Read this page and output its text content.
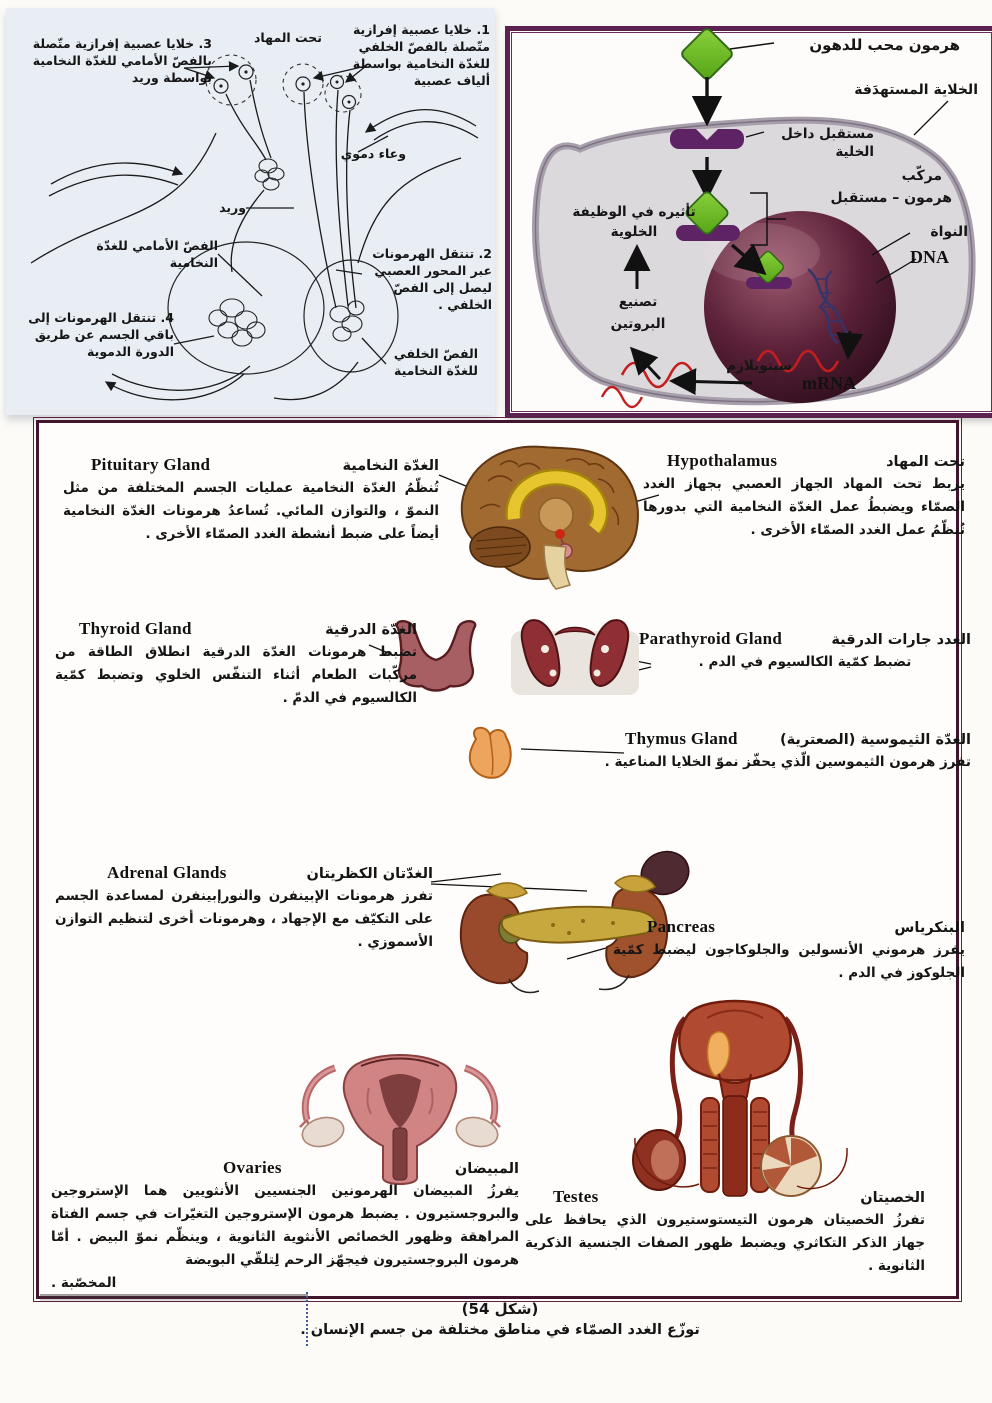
1. خلايا عصبية إفرازية متّصلة بالفصّ الخلفي للغدّة النخامية بواسطة ألياف عصبية
تحت المهاد
3. خلايا عصبية إفرازية متّصلة بالفصّ الأمامي للغدّة النخامية بواسطة وريد
وعاء دموي
وريد
الفصّ الأمامي للغدّة النخامية
2. تنتقل الهرمونات عبر المحور العصبي ليصل إلى الفصّ الخلفي .
4. تنتقل الهرمونات إلى باقي الجسم عن طريق الدورة الدموية	الفصّ الخلفي للغدّة النخامية
هرمون محب للدهون
الخلاية المستهدَفة
مستقبل داخل الخلية
مركّب
هرمون – مستقبل
النواة
DNA
تأثيره في الوظيفة
الخلوية
تصنيع
البروتين
سيتوبلازم
mRNA
Pituitary Gland	الغدّة النخامية
تُنظّمُ الغدّة النخامية عمليات الجسم المختلفة من مثل النموّ ، والتوازن المائي. تُساعدُ هرمونات الغدّة النخامية أيضاً على ضبط أنشطة الغدد الصمّاء الأخرى .
Hypothalamus	تحت المهاد
يربط تحت المهاد الجهاز العصبي بجهاز الغدد الصمّاء ويضبطُ عمل الغدّة النخامية التي بدورها تُنظّمُ عمل الغدد الصمّاء الأخرى .
Thyroid Gland	الغدّة الدرقية
تضبط هرمونات الغدّة الدرقية انطلاق الطاقة من مركّبات الطعام أثناء التنفّس الخلوي وتضبط كمّية الكالسيوم في الدمّ .
Parathyroid Gland	الغدد جارات الدرقية
تضبط كمّية الكالسيوم في الدم .
Thymus Gland	الغدّة الثيموسية (الصعترية)
تفرز هرمون الثيموسين الّذي يحفّز نموّ الخلايا المناعية .
Adrenal Glands	الغدّتان الكظريتان
تفرز هرمونات الإبينفرن والنورإبينفرن لمساعدة الجسم على التكيّف مع الإجهاد ، وهرمونات أخرى لتنظيم التوازن الأسموزي .
Pancreas	البنكرياس
يفرز هرموني الأنسولين والجلوكاجون ليضبط كمّية الجلوكوز في الدم .
Ovaries	المبيضان
يفرزُ المبيضان الهرمونين الجنسيين الأنثويين هما الإستروجين والبروجستيرون . يضبط هرمون الإستروجين التغيّرات في جسم الفتاة المراهقة وظهور الخصائص الأنثوية الثانوية ، وينظّم نموّ البيض . أمّا هرمون البروجستيرون فيجهّز الرحم لِتلقّي البويضة
المخصّبة .
Testes	الخصيتان
تفرزُ الخصيتان هرمون التيستوستيرون الذي يحافظ على جهاز الذكر التكاثري ويضبط ظهور الصفات الجنسية الذكرية الثانوية .
(شكل 54)
توزّع الغدد الصمّاء في مناطق مختلفة من جسم الإنسان .
